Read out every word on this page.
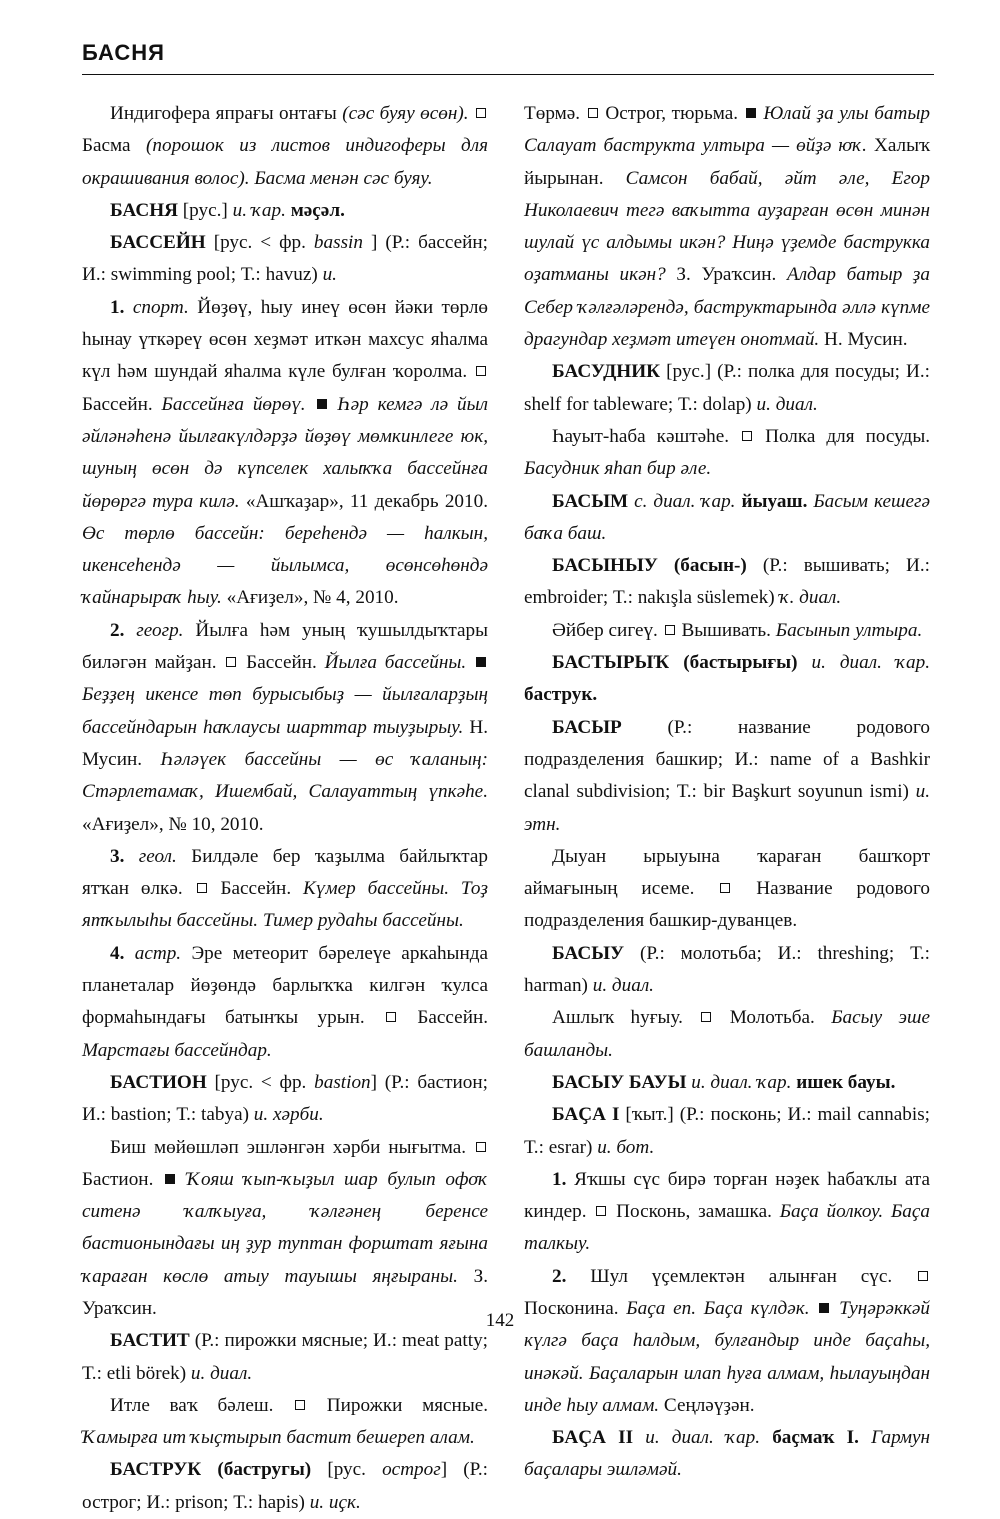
БАСНЯ

Индигофера япрағы онтағы (сәс буяу өсөн).  Басма (порошок из листов индигоферы для окрашивания волос). Басма менән сәс буяу.

БАСНЯ [рус.] и. ҡар. мәҫәл.

БАССЕЙН [рус. < фр. bassin ] (Р.: бассейн; И.: swimming pool; Т.: havuz) и.

1. спорт. Йөҙөү, һыу инеү өсөн йәки төрлө һынау үткәреү өсөн хеҙмәт иткән махсус яһалма күл һәм шундай яһалма күле булған ҡоролма.  Бассейн. Бассейнға йөрөү. Һәр кемгә лә йыл әйләнәһенә йылғакүлдәрҙә йөҙөү мөмкинлеге юк, шуның өсөн дә күпселек халыҡҡа бассейнға йөрөргә тура килә. «Ашҡаҙар», 11 декабрь 2010. Өс төрлө бассейн: береһендә — һалкын, икенсеһендә — йылымса, өсөнсөһөндә ҡайнарыраҡ һыу. «Ағиҙел», № 4, 2010.

2. геогр. Йылға һәм уның ҡушылдыҡтары биләгән майҙан. Бассейн. Йылға бассейны.  Беҙҙең икенсе төп бурысыбыҙ — йылғаларҙың бассейндарын һаҡлаусы шарттар тыуҙырыу. Н. Мусин. Һәләүек бассейны — өс ҡаланың: Стәрлетамаҡ, Ишембай, Салауаттың үпкәһе. «Ағиҙел», № 10, 2010.

3. геол. Билдәле бер ҡаҙылма байлыҡтар ятҡан өлкә. Бассейн. Күмер бассейны. Тоҙ ятҡылыһы бассейны. Тимер рудаһы бассейны.

4. астр. Эре метеорит бәрелеүе аркаһында планеталар йөҙөндә барлыҡҡа килгән ҡулса формаһындағы батынҡы урын.	Бассейн. Марстағы бассейндар.

БАСТИОН [рус. < фр. bastion] (Р.: бастион; И.: bastion; Т.: tabya) и. хәрби.

Биш мөйөшләп эшләнгән хәрби нығытма.  Бастион. Ҡояш ҡып-ҡыҙыл шар булып офоҡ ситенә ҡалҡыуға, ҡәлғәнең беренсе бастионындағы иң ҙур туптан форштат яғына ҡараған көслө атыу тауышы яңғыраны. З. Ураҡсин.

БАСТИТ (Р.: пирожки мясные; И.: meat patty; Т.: etli börek) и. диал.

Итле ваҡ бәлеш.	Пирожки мясные. Ҡамырға ит ҡыҫтырып бастит бешереп алам.

БАСТРУК (бастругы) [рус. острог] (Р.: острог; И.: prison; Т.: hapis) и. иҫк.

Төрмә. Острог, тюрьма. Юлай ҙа улы батыр Салауат баструкта ултыра — өйҙә юҡ. Халыҡ йырынан. Самсон бабай, әйт әле, Егор Николаевич тегә ваҡытта ауҙарған өсөн минән шулай үс алдымы икән? Ниңә үҙемде баструкка оҙатманы икән? З. Ураҡсин. Алдар батыр ҙа Себер ҡәлғәләрендә, баструктарында әллә күпме драгундар хеҙмәт итеүен онотмай. Н. Мусин.

БАСУДНИК [рус.] (Р.: полка для посуды; И.: shelf for tableware; Т.: dolap) и. диал.

Һауыт-һаба кәштәһе. Полка для посуды. Басудник яһап бир әле.

БАСЫМ с. диал. ҡар. йыуаш. Басым кешегә баҡа баш.

БАСЫНЫУ (басын-) (Р.: вышивать; И.: embroider; Т.: nakışla süslemek) ҡ. диал.

Әйбер сигеү. Вышивать. Басынып ултыра.

БАСТЫРЫҠ (бастырығы) и. диал. ҡар. баструк.

БАСЫР (Р.: название родового подразделения башкир; И.: name of a Bashkir clanal subdivision; Т.: bir Başkurt soyunun ismi) и. этн.

Дыуан ырыуына ҡараған башҡорт аймағының исеме.	Название родового подразделения башкир-дуванцев.

БАСЫУ (Р.: молотьба; И.: threshing; Т.: harman) и. диал.

Ашлыҡ һуғыу. Молотьба. Басыу эше башланды.

БАСЫУ БАУЫ и. диал. ҡар. ишек бауы.

БАҪА I [ҡыт.] (Р.: посконь; И.: mail cannabis; Т.: esrar) и. бот.

1. Яҡшы сүс бирә торған нәҙек һабаҡлы ата киндер. Посконь, замашка. Баҫа йолкоу. Баҫа талкыу.

2. Шул үҫемлектән алынған сүс.  Посконина. Баҫа еп. Баҫа күлдәк. Туңәрәккәй күлгә баҫа һалдым, булғандыр инде баҫаһы, инәкәй. Баҫаларын илап һуға алмам, һылауыңдан инде һыу алмам. Сеңләүҙән.

БАҪА II и. диал. ҡар. баҫмаҡ I. Гармун баҫалары эшләмәй.

142
